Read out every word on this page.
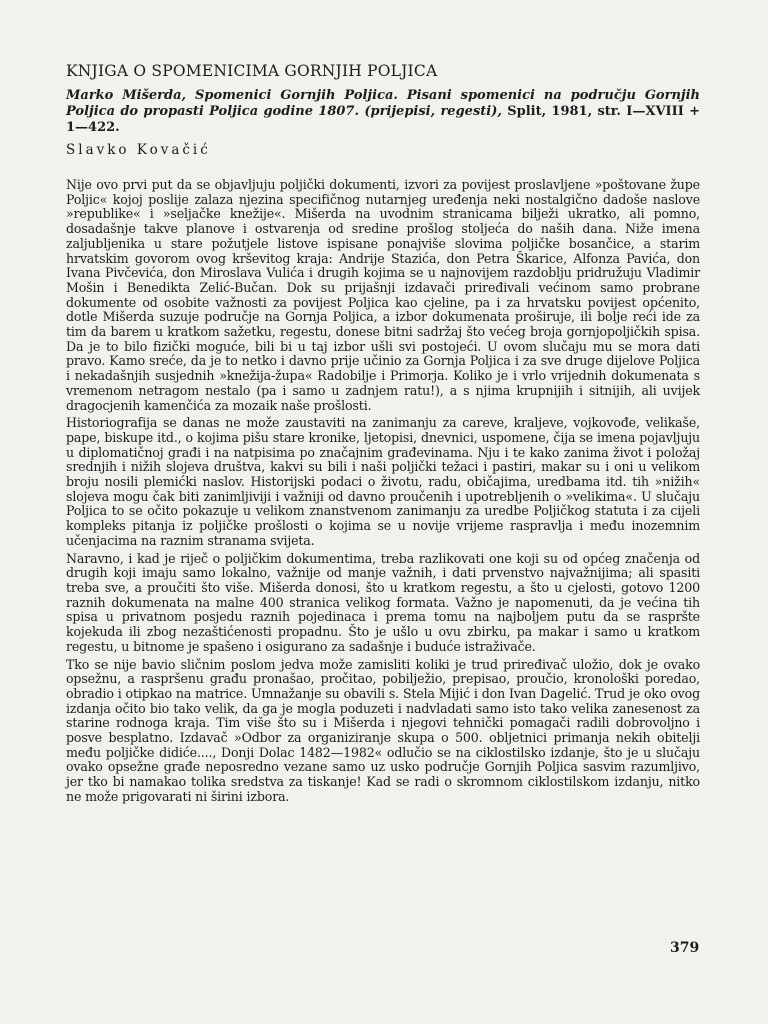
KNJIGA O SPOMENICIMA GORNJIH POLJICA

Marko Mišerda, Spomenici Gornjih Poljica. Pisani spomenici na području Gornjih Poljica do propasti Poljica godine 1807. (prijepisi, regesti), Split, 1981, str. I—XVIII + 1—422.

Slavko Kovačić

Nije ovo prvi put da se objavljuju poljički dokumenti, izvori za povijest proslavljene »poštovane župe Poljic« kojoj poslije zalaza njezina specifičnog nutarnjeg uređenja neki nostalgično dadoše naslove »republike« i »seljačke knežije«. Mišerda na uvodnim stranicama bilježi ukratko, ali pomno, dosadašnje takve planove i ostvarenja od sredine prošlog stoljeća do naših dana. Niže imena zaljubljenika u stare požutjele listove ispisane ponajviše slovima poljičke bosančice, a starim hrvatskim govorom ovog krševitog kraja: Andrije Stazića, don Petra Škarice, Alfonza Pavića, don Ivana Pivčevića, don Miroslava Vulića i drugih kojima se u najnovijem razdoblju pridružuju Vladimir Mošin i Benedikta Zelić-Bučan. Dok su prijašnji izdavači priređivali većinom samo probrane dokumente od osobite važnosti za povijest Poljica kao cjeline, pa i za hrvatsku povijest općenito, dotle Mišerda suzuje područje na Gornja Poljica, a izbor dokumenata proširuje, ili bolje reći ide za tim da barem u kratkom sažetku, regestu, donese bitni sadržaj što većeg broja gornjopoljičkih spisa. Da je to bilo fizički moguće, bili bi u taj izbor ušli svi postojeći. U ovom slučaju mu se mora dati pravo. Kamo sreće, da je to netko i davno prije učinio za Gornja Poljica i za sve druge dijelove Poljica i nekadašnjih susjednih »knežija-župa« Radobilje i Primorja. Koliko je i vrlo vrijednih dokumenata s vremenom netragom nestalo (pa i samo u zadnjem ratu!), a s njima krupnijih i sitnijih, ali uvijek dragocjenih kamenčića za mozaik naše prošlosti.

Historiografija se danas ne može zaustaviti na zanimanju za careve, kraljeve, vojkovođe, velikaše, pape, biskupe itd., o kojima pišu stare kronike, ljetopisi, dnevnici, uspomene, čija se imena pojavljuju u diplomatičnoj građi i na natpisima po značajnim građevinama. Nju i te kako zanima život i položaj srednjih i nižih slojeva društva, kakvi su bili i naši poljički težaci i pastiri, makar su i oni u velikom broju nosili plemićki naslov. Historijski podaci o životu, radu, običajima, uredbama itd. tih »nižih« slojeva mogu čak biti zanimljiviji i važniji od davno proučenih i upotrebljenih o »velikima«. U slučaju Poljica to se očito pokazuje u velikom znanstvenom zanimanju za uredbe Poljičkog statuta i za cijeli kompleks pitanja iz poljičke prošlosti o kojima se u novije vrijeme raspravlja i među inozemnim učenjacima na raznim stranama svijeta.

Naravno, i kad je riječ o poljičkim dokumentima, treba razlikovati one koji su od općeg značenja od drugih koji imaju samo lokalno, važnije od manje važnih, i dati prvenstvo najvažnijima; ali spasiti treba sve, a proučiti što više. Mišerda donosi, što u kratkom regestu, a što u cjelosti, gotovo 1200 raznih dokumenata na malne 400 stranica velikog formata. Važno je napomenuti, da je većina tih spisa u privatnom posjedu raznih pojedinaca i prema tomu na najboljem putu da se raspršte kojekuda ili zbog nezaštićenosti propadnu. Što je ušlo u ovu zbirku, pa makar i samo u kratkom regestu, u bitnome je spašeno i osigurano za sadašnje i buduće istraživače.

Tko se nije bavio sličnim poslom jedva može zamisliti koliki je trud priređivač uložio, dok je ovako opsežnu, a raspršenu građu pronašao, pročitao, pobilježio, prepisao, proučio, kronološki poredao, obradio i otipkao na matrice. Umnažanje su obavili s. Stela Mijić i don Ivan Dagelić. Trud je oko ovog izdanja očito bio tako velik, da ga je mogla poduzeti i nadvladati samo isto tako velika zanesenost za starine rodnoga kraja. Tim više što su i Mišerda i njegovi tehnički pomagači radili dobrovoljno i posve besplatno. Izdavač »Odbor za organiziranje skupa o 500. obljetnici primanja nekih obitelji među poljičke didiće...., Donji Dolac 1482—1982« odlučio se na ciklostilsko izdanje, što je u slučaju ovako opsežne građe neposredno vezane samo uz usko područje Gornjih Poljica sasvim razumljivo, jer tko bi namakao tolika sredstva za tiskanje! Kad se radi o skromnom ciklostilskom izdanju, nitko ne može prigovarati ni širini izbora.

379
